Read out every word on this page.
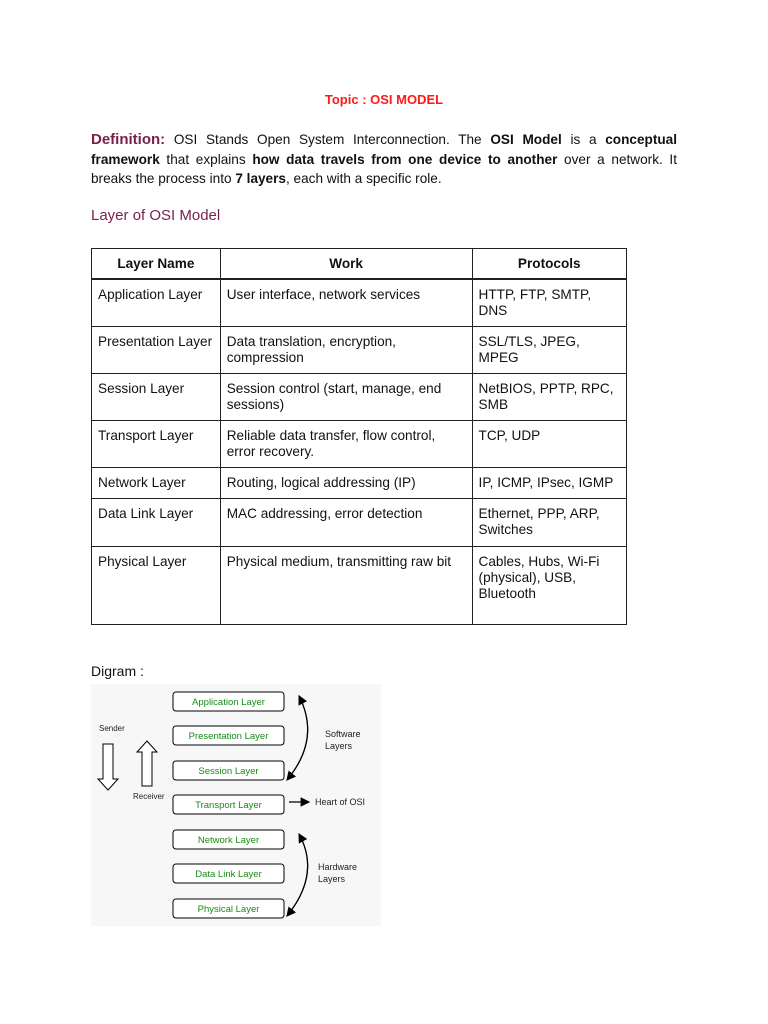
Topic : OSI MODEL
Definition: OSI Stands Open System Interconnection. The OSI Model is a conceptual framework that explains how data travels from one device to another over a network. It breaks the process into 7 layers, each with a specific role.
Layer of OSI Model
Layer Name	Work	Protocols
Application Layer	User interface, network services	HTTP, FTP, SMTP, DNS
Presentation Layer	Data translation, encryption, compression	SSL/TLS, JPEG, MPEG
Session Layer	Session control (start, manage, end sessions)	NetBIOS, PPTP, RPC, SMB
Transport Layer	Reliable data transfer, flow control, error recovery.	TCP, UDP
Network Layer	Routing, logical addressing (IP)	IP, ICMP, IPsec, IGMP
Data Link Layer	MAC addressing, error detection	Ethernet, PPP, ARP, Switches
Physical Layer	Physical medium, transmitting raw bit	Cables, Hubs, Wi-Fi (physical), USB, Bluetooth
Digram :
Application Layer
Presentation Layer
Session Layer
Transport Layer
Network Layer
Data Link Layer
Physical Layer
Sender
Receiver
Software
Layers
Heart of OSI
Hardware
Layers
